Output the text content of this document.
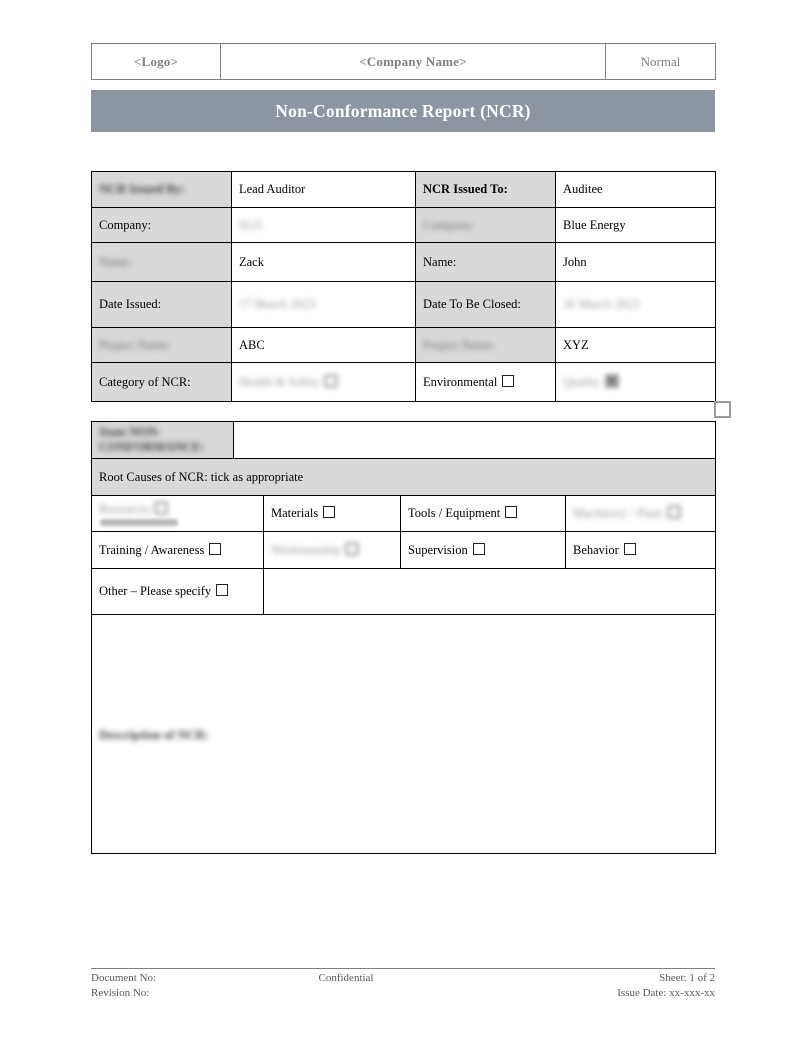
<Logo>	<Company Name>	Normal
Non-Conformance Report (NCR)
NCR Issued By:	Lead Auditor	NCR Issued To:	Auditee
Company:	SGS	Company:	Blue Energy
Name:	Zack	Name:	John
Date Issued:	17 March 2023	Date To Be Closed:	26 March 2023
Project Name:	ABC	Project Name:	XYZ
Category of NCR:	Health & Safety	Environmental	Quality
State NON-CONFORMANCE:	
Root Causes of NCR: tick as appropriate			
Resources	Materials	Tools / Equipment	Machinery / Plant
Training / Awareness	Workmanship	Supervision	Behavior
Other – Please specify			
Description of NCR:			
Document No:
Revision No:
Confidential	Sheet: 1 of 2
Issue Date: xx-xxx-xx
